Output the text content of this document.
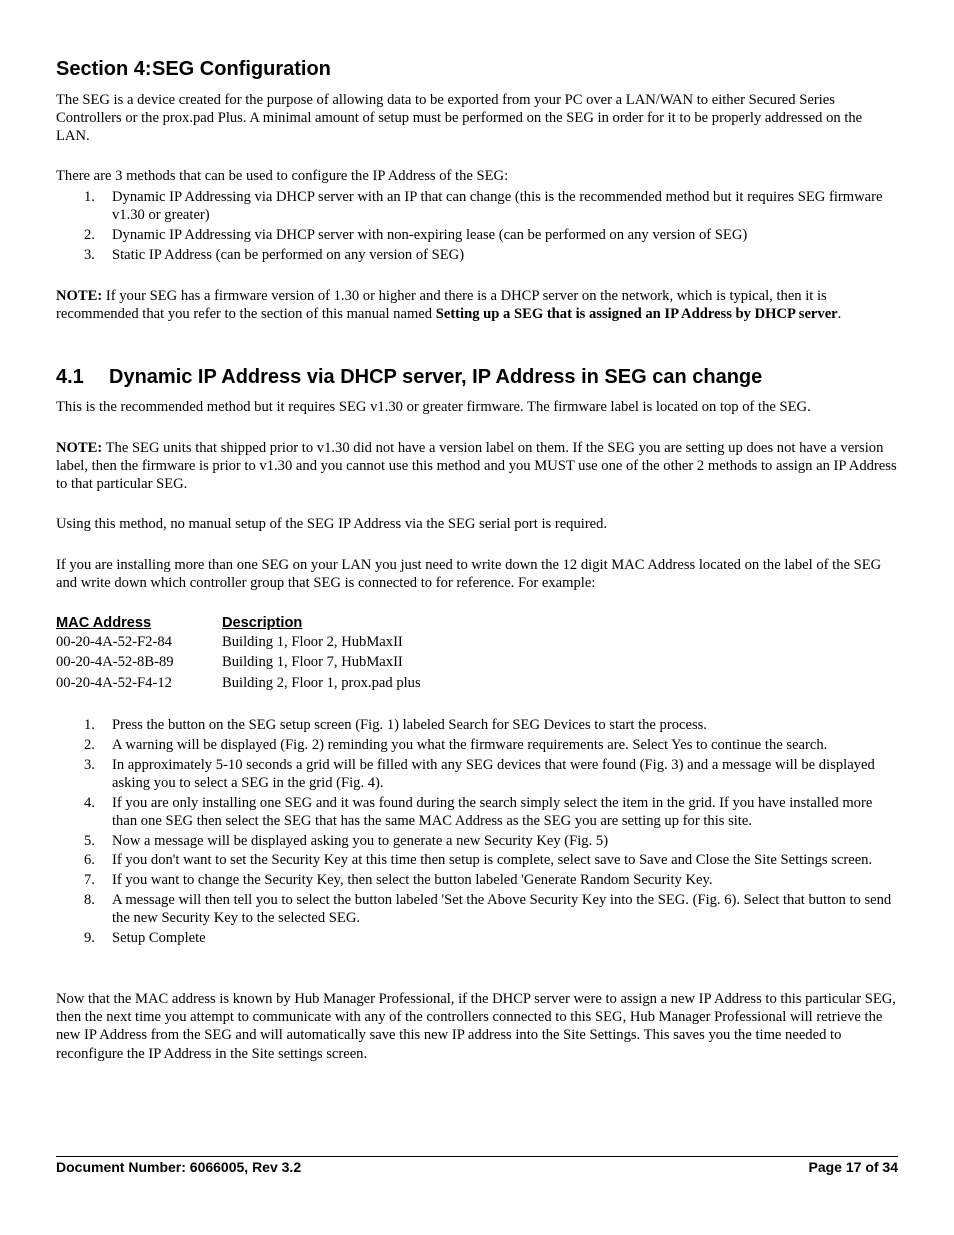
Section 4:SEG Configuration

The SEG is a device created for the purpose of allowing data to be exported from your PC over a LAN/WAN to either Secured Series Controllers or the prox.pad Plus. A minimal amount of setup must be performed on the SEG in order for it to be properly addressed on the LAN.

There are 3 methods that can be used to configure the IP Address of the SEG:

1. Dynamic IP Addressing via DHCP server with an IP that can change (this is the recommended method but it requires SEG firmware v1.30 or greater)
2. Dynamic IP Addressing via DHCP server with non-expiring lease (can be performed on any version of SEG)
3. Static IP Address (can be performed on any version of SEG)

NOTE: If your SEG has a firmware version of 1.30 or higher and there is a DHCP server on the network, which is typical, then it is recommended that you refer to the section of this manual named Setting up a SEG that is assigned an IP Address by DHCP server.

4.1 Dynamic IP Address via DHCP server, IP Address in SEG can change

This is the recommended method but it requires SEG v1.30 or greater firmware. The firmware label is located on top of the SEG.

NOTE: The SEG units that shipped prior to v1.30 did not have a version label on them. If the SEG you are setting up does not have a version label, then the firmware is prior to v1.30 and you cannot use this method and you MUST use one of the other 2 methods to assign an IP Address to that particular SEG.

Using this method, no manual setup of the SEG IP Address via the SEG serial port is required.

If you are installing more than one SEG on your LAN you just need to write down the 12 digit MAC Address located on the label of the SEG and write down which controller group that SEG is connected to for reference. For example:

MAC Address	Description
00-20-4A-52-F2-84	Building 1, Floor 2, HubMaxII
00-20-4A-52-8B-89	Building 1, Floor 7, HubMaxII
00-20-4A-52-F4-12	Building 2, Floor 1, prox.pad plus
1. Press the button on the SEG setup screen (Fig. 1) labeled Search for SEG Devices to start the process.
2. A warning will be displayed (Fig. 2) reminding you what the firmware requirements are. Select Yes to continue the search.
3. In approximately 5-10 seconds a grid will be filled with any SEG devices that were found (Fig. 3) and a message will be displayed asking you to select a SEG in the grid (Fig. 4).
4. If you are only installing one SEG and it was found during the search simply select the item in the grid. If you have installed more than one SEG then select the SEG that has the same MAC Address as the SEG you are setting up for this site.
5. Now a message will be displayed asking you to generate a new Security Key (Fig. 5)
6. If you don't want to set the Security Key at this time then setup is complete, select save to Save and Close the Site Settings screen.
7. If you want to change the Security Key, then select the button labeled 'Generate Random Security Key.
8. A message will then tell you to select the button labeled 'Set the Above Security Key into the SEG. (Fig. 6). Select that button to send the new Security Key to the selected SEG.
9. Setup Complete

Now that the MAC address is known by Hub Manager Professional, if the DHCP server were to assign a new IP Address to this particular SEG, then the next time you attempt to communicate with any of the controllers connected to this SEG, Hub Manager Professional will retrieve the new IP Address from the SEG and will automatically save this new IP address into the Site Settings. This saves you the time needed to reconfigure the IP Address in the Site settings screen.

Document Number: 6066005, Rev 3.2	Page 17 of 34
